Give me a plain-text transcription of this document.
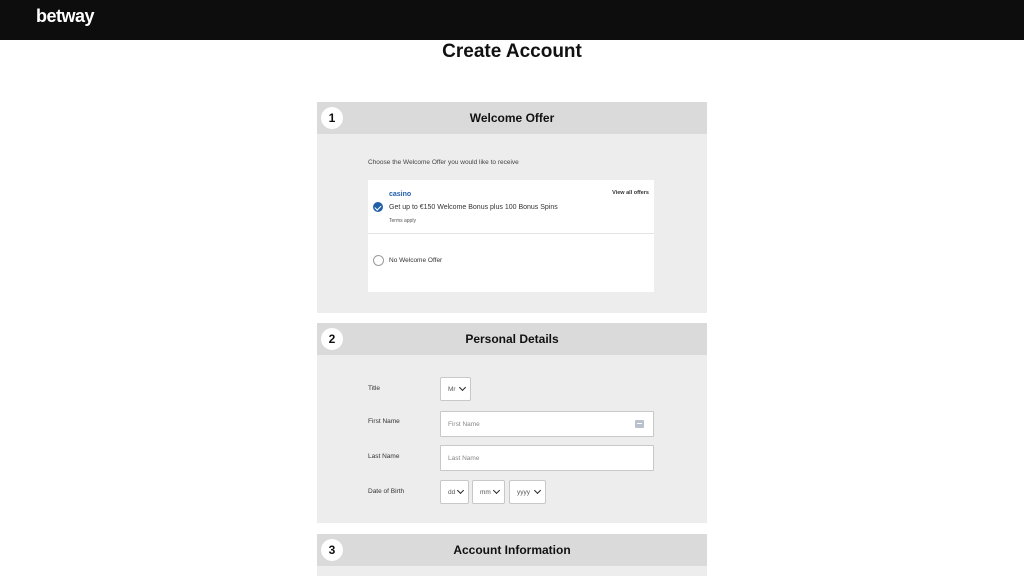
betway
Create Account
1	Welcome Offer
Choose the Welcome Offer you would like to receive
casino
Get up to €150 Welcome Bonus plus 100 Bonus Spins
Terms apply
View all offers
No Welcome Offer
2	Personal Details
Title	Mr
First Name	First Name
Last Name	Last Name
Date of Birth	dd	mm	yyyy
3	Account Information
